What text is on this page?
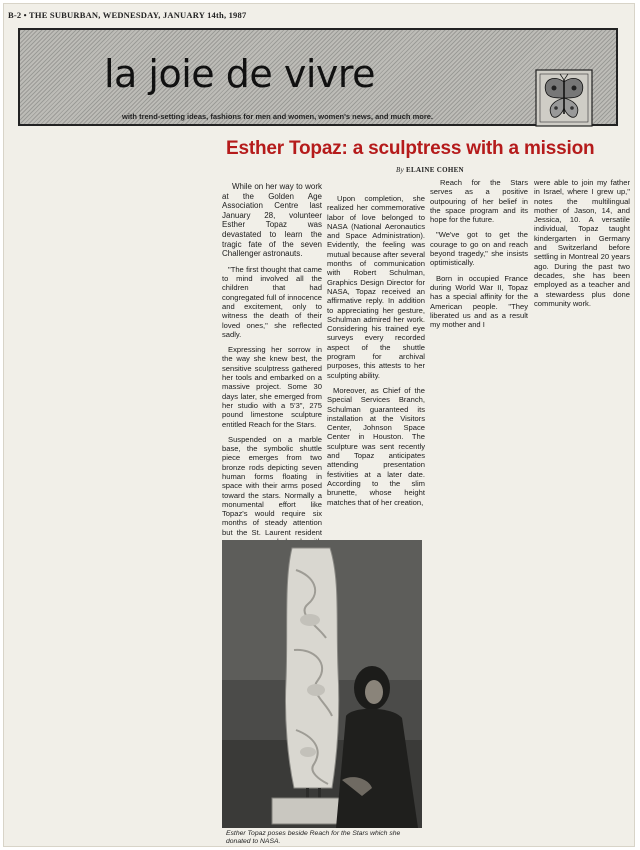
B-2 • THE SUBURBAN, WEDNESDAY, JANUARY 14th, 1987
la joie de vivre
with trend-setting ideas, fashions for men and women, women's news, and much more.
Esther Topaz: a sculptress with a mission
By ELAINE COHEN

While on her way to work at the Golden Age Association Centre last January 28, volunteer Esther Topaz was devastated to learn the tragic fate of the seven Challenger astronauts.

"The first thought that came to mind involved all the children that had congregated full of innocence and excitement, only to witness the death of their loved ones," she reflected sadly.

Expressing her sorrow in the way she knew best, the sensitive sculptress gathered her tools and embarked on a massive project. Some 30 days later, she emerged from her studio with a 5'3", 275 pound limestone sculpture entitled Reach for the Stars.

Suspended on a marble base, the symbolic shuttle piece emerges from two bronze rods depicting seven human forms floating in space with their arms posed toward the stars. Normally a monumental effort like Topaz's would require six months of steady attention but the St. Laurent resident

Upon completion, she realized her commemorative labor of love belonged to NASA (National Aeronautics and Space Administration). Evidently, the feeling was mutual because after several months of communication with Robert Schulman, Graphics Design Director for NASA, Topaz received an affirmative reply. In addition to appreciating her gesture, Schulman admired her work. Considering his trained eye surveys every recorded aspect of the shuttle program for archival purposes, this attests to her sculpting ability.

Moreover, as Chief of the Special Services Branch, Schulman guaranteed its installation at the Visitors Center, Johnson Space Center in Houston. The sculpture was sent recently and Topaz anticipates attending presentation festivities at a later date. According to the slim brunette, whose height matches that of her creation,

Reach for the Stars serves as a positive outpouring of her belief in the space program and its hope for the future.

"We've got to get the courage to go on and reach beyond tragedy," she insists optimistically.

Born in occupied France during World War II, Topaz has a special affinity for the American people. "They liberated us and as a result my mother and I

were able to join my father in Israel, where I grew up," notes the multilingual mother of Jason, 14, and Jessica, 10. A versatile individual, Topaz taught kindergarten in Germany and Switzerland before settling in Montreal 20 years ago. During the past two decades, she has been employed as a teacher and a stewardess plus done community work.

Esther Topaz poses beside Reach for the Stars which she donated to NASA.
